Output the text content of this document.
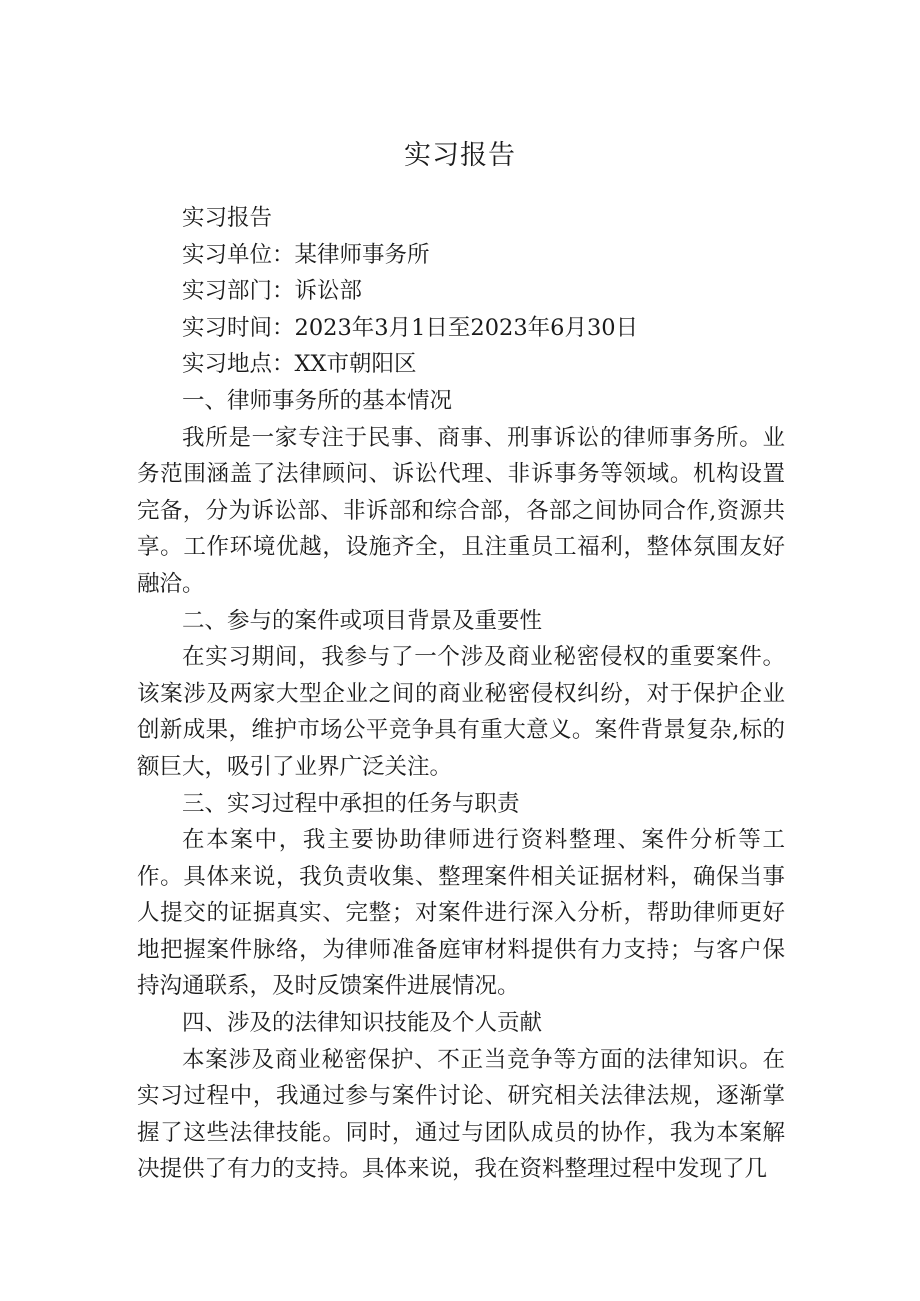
实习报告

实习报告

实习单位：某律师事务所

实习部门：诉讼部

实习时间：2023年3月1日至2023年6月30日

实习地点：XX市朝阳区

一、律师事务所的基本情况

我所是一家专注于民事、商事、刑事诉讼的律师事务所。业务范围涵盖了法律顾问、诉讼代理、非诉事务等领域。机构设置完备，分为诉讼部、非诉部和综合部，各部之间协同合作,资源共享。工作环境优越，设施齐全，且注重员工福利，整体氛围友好融洽。

二、参与的案件或项目背景及重要性

在实习期间，我参与了一个涉及商业秘密侵权的重要案件。该案涉及两家大型企业之间的商业秘密侵权纠纷，对于保护企业创新成果，维护市场公平竞争具有重大意义。案件背景复杂,标的额巨大，吸引了业界广泛关注。

三、实习过程中承担的任务与职责

在本案中，我主要协助律师进行资料整理、案件分析等工作。具体来说，我负责收集、整理案件相关证据材料，确保当事人提交的证据真实、完整；对案件进行深入分析，帮助律师更好地把握案件脉络，为律师准备庭审材料提供有力支持；与客户保持沟通联系，及时反馈案件进展情况。

四、涉及的法律知识技能及个人贡献

本案涉及商业秘密保护、不正当竞争等方面的法律知识。在实习过程中，我通过参与案件讨论、研究相关法律法规，逐渐掌握了这些法律技能。同时，通过与团队成员的协作，我为本案解决提供了有力的支持。具体来说，我在资料整理过程中发现了几
